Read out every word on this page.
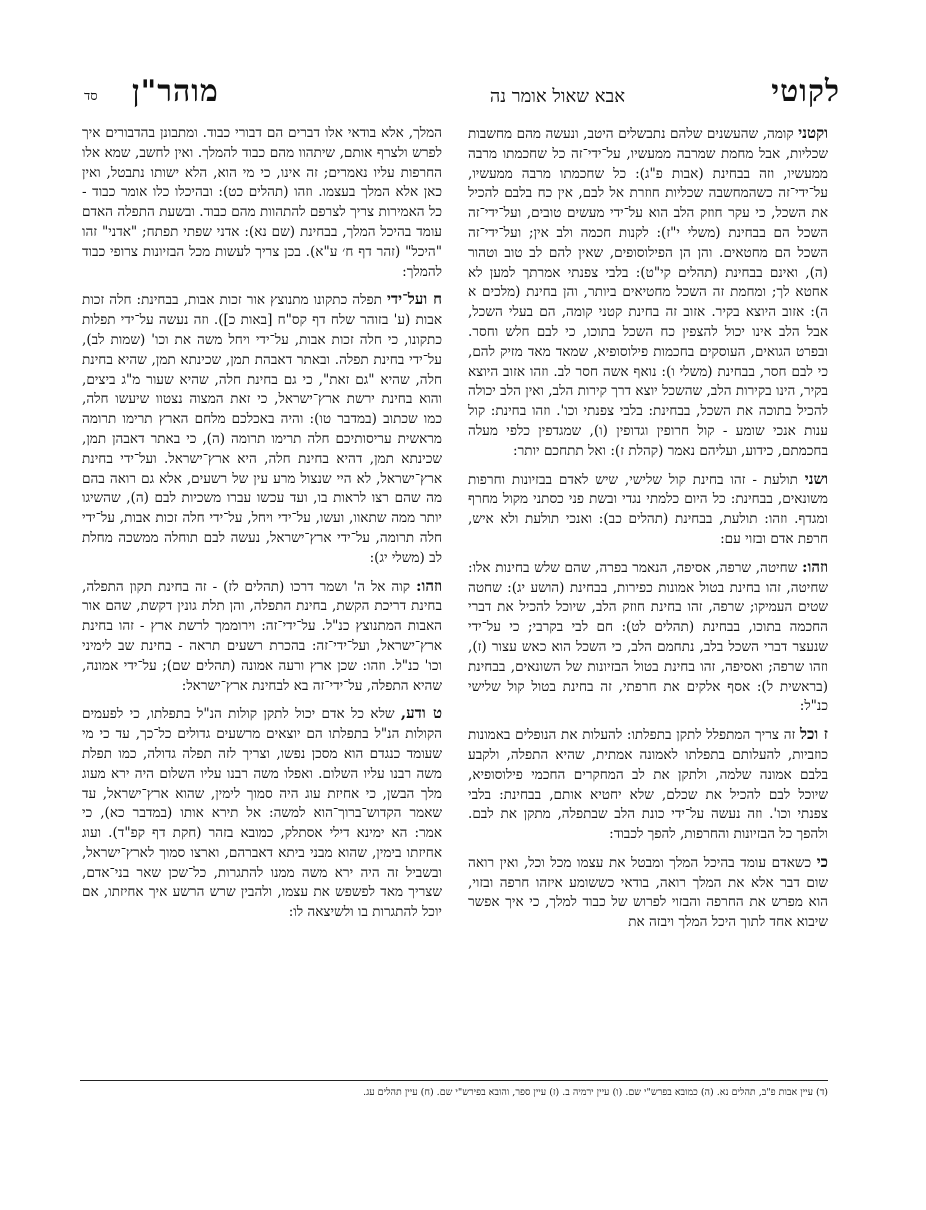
לקוטי
אבא שאול אומר נה
מוהר"ן
סד

וקטני קומה, שהעשנים שלהם נתבשלים היטב, ונעשה מהם מחשבות שכליות, אבל מחמת שמרבה ממעשיו, על־ידי־זה כל שחכמתו מרבה ממעשיו, וזה בבחינת (אבות פ"ג): כל שחכמתו מרבה ממעשיו, על־ידי־זה כשהמחשבה שכליות חוזרת אל לבם, אין כח בלבם להכיל את השכל, כי עקר חוזק הלב הוא על־ידי מעשים טובים, ועל־ידי־זה השכל הם בבחינת (משלי י"ז): לקנות חכמה ולב אין; ועל־ידי־זה השכל הם מחטאים. והן הן הפילוסופים, שאין להם לב טוב וטהור (ה), ואינם בבחינת (תהלים קי"ט): בלבי צפנתי אמרתך למען לא אחטא לך; ומחמת זה השכל מחטיאים ביותר, והן בחינת (מלכים א ה): אזוב היוצא בקיר. אזוב זה בחינת קטני קומה, הם בעלי השכל, אבל הלב אינו יכול להצפין כח השכל בתוכו, כי לבם חלש וחסר. ובפרט הגואים, העוסקים בחכמות פילוסופיא, שמאד מאד מזיק להם, כי לבם חסר, בבחינת (משלי ו): נואף אשה חסר לב. וזהו אזוב היוצא בקיר, הינו בקירות הלב, שהשכל יוצא דרך קירות הלב, ואין הלב יכולה להכיל בתוכה את השכל, בבחינת: בלבי צפנתי וכו'. וזהו בחינת: קול ענות אנכי שומע - קול חרופין וגדופין (ו), שמגדפין כלפי מעלה בחכמתם, כידוע, ועליהם נאמר (קהלת ז): ואל תתחכם יותר:

ושני תולעת - זהו בחינת קול שלישי, שיש לאדם בבזיונות וחרפות משונאים, בבחינת: כל היום כלמתי נגדי ובשת פני כסתני מקול מחרף ומגדף. וזהו: תולעת, בבחינת (תהלים כב): ואנכי תולעת ולא איש, חרפת אדם ובזוי עם:

וזהו: שחיטה, שרפה, אסיפה, הנאמר בפרה, שהם שלש בחינות אלו: שחיטה, זהו בחינת בטול אמונות כפירות, בבחינת (הושע יג): שחטה שטים העמיקו; שרפה, זהו בחינת חוזק הלב, שיוכל להכיל את דברי החכמה בתוכו, בבחינת (תהלים לט): חם לבי בקרבי; כי על־ידי שנעצר דברי השכל בלב, נתחמם הלב, כי השכל הוא כאש עצור (ז), וזהו שרפה; ואסיפה, זהו בחינת בטול הבזיונות של השונאים, בבחינת (בראשית ל): אסף אלקים את חרפתי, זה בחינת בטול קול שלישי כנ"ל:

ז וכל זה צריך המתפלל לתקן בתפלתו: להעלות את הנופלים באמונות כוזביות, להעלותם בתפלתו לאמונה אמתית, שהיא התפלה, ולקבע בלבם אמונה שלמה, ולתקן את לב המחקרים החכמי פילוסופיא, שיוכל לבם להכיל את שכלם, שלא יחטיא אותם, בבחינת: בלבי צפנתי וכו'. וזה נעשה על־ידי כונת הלב שבתפלה, מתקן את לבם. ולהפך כל הבזיונות והחרפות, להפך לכבוד:

כי כשאדם עומד בהיכל המלך ומבטל את עצמו מכל וכל, ואין רואה שום דבר אלא את המלך רואה, בודאי כששומע איזהו חרפה ובזוי, הוא מפרש את החרפה והבזוי לפרוש של כבוד למלך, כי איך אפשר שיבוא אחד לתוך היכל המלך ויבזה את

המלך, אלא בודאי אלו דברים הם דבורי כבוד. ומתבונן בהדבורים איך לפרש ולצרף אותם, שיתהוו מהם כבוד להמלך. ואין לחשב, שמא אלו החרפות עליו נאמרים; זה אינו, כי מי הוא, הלא ישותו נתבטל, ואין כאן אלא המלך בעצמו. וזהו (תהלים כט): ובהיכלו כלו אומר כבוד - כל האמירות צריך לצרפם להתהוות מהם כבוד. ובשעת התפלה האדם עומד בהיכל המלך, בבחינת (שם נא): אדני שפתי תפתח; "אדני" זהו "היכל" (זהר דף ח׳ ע"א). בכן צריך לעשות מכל הבזיונות צרופי כבוד להמלך:

ח ועל־ידי תפלה כתקונו מתנוצץ אור זכות אבות, בבחינת: חלה זכות אבות (ע' בזוהר שלח דף קס"ח [באות כ]). וזה נעשה על־ידי תפלות כתקונו, כי חלה זכות אבות, על־ידי ויחל משה את וכו' (שמות לב), על־ידי בחינת תפלה. ובאתר דאבהת תמן, שכינתא תמן, שהיא בחינת חלה, שהיא "גם זאת", כי גם בחינת חלה, שהיא שעור מ"ג ביצים, והוא בחינת ירשת ארץ־ישראל, כי זאת המצוה נצטוו שיעשו חלה, כמו שכתוב (במדבר טו): והיה באכלכם מלחם הארץ תרימו תרומה מראשית עריסותיכם חלה תרימו תרומה (ה), כי באתר דאבהן תמן, שכינתא תמן, דהיא בחינת חלה, היא ארץ־ישראל. ועל־ידי בחינת ארץ־ישראל, לא היי שנצול מרע עין של רשעים, אלא גם רואה בהם מה שהם רצו לראות בו, ועד עכשו עברו משכיות לבם (ה), שהשיגו יותר ממה שתאוו, ועשו, על־ידי ויחל, על־ידי חלה זכות אבות, על־ידי חלה תרומה, על־ידי ארץ־ישראל, נעשה לבם תוחלה ממשכה מחלת לב (משלי יג):

וזהו: קוה אל ה' ושמר דרכו (תהלים לז) - זה בחינת תקון התפלה, בחינת דריכת הקשת, בחינת התפלה, והן תלת גונין דקשת, שהם אור האבות המתנוצץ כנ"ל. על־ידי־זה: וירוממך לרשת ארץ - זהו בחינת ארץ־ישראל, ועל־ידי־זה: בהכרת רשעים תראה - בחינת שב לימיני וכו' כנ"ל. וזהו: שכן ארץ ורעה אמונה (תהלים שם); על־ידי אמונה, שהיא התפלה, על־ידי־זה בא לבחינת ארץ־ישראל:

ט ודע, שלא כל אדם יכול לתקן קולות הנ"ל בתפלתו, כי לפעמים הקולות הנ"ל בתפלתו הם יוצאים מרשעים גדולים כל־כך, עד כי מי שעומד כנגדם הוא מסכן נפשו, וצריך לזה תפלה גדולה, כמו תפלת משה רבנו עליו השלום. ואפלו משה רבנו עליו השלום היה ירא מעוג מלך הבשן, כי אחיזת עוג היה סמוך לימין, שהוא ארץ־ישראל, עד שאמר הקדוש־ברוך־הוא למשה: אל תירא אותו (במדבר כא), כי אמר: הא ימינא דילי אסתלק, כמובא בזהר (חקת דף קפ"ד). ועוג אחיזתו בימין, שהוא מבני ביתא דאברהם, וארצו סמוך לארץ־ישראל, ובשביל זה היה ירא משה ממנו להתגרות, כל־שכן שאר בני־אדם, שצריך מאד לפשפש את עצמו, ולהבין שרש הרשע איך אחיזתו, אם יוכל להתגרות בו ולשיצאה לו:

(ד) עיין אבות פ"ב, תהלים נא. (ה) כמובא בפרש"י שם. (ו) עיין ירמיה ב. (ז) עיין ספר, והובא בפירש"י שם. (ח) עיין תהלים עג.
